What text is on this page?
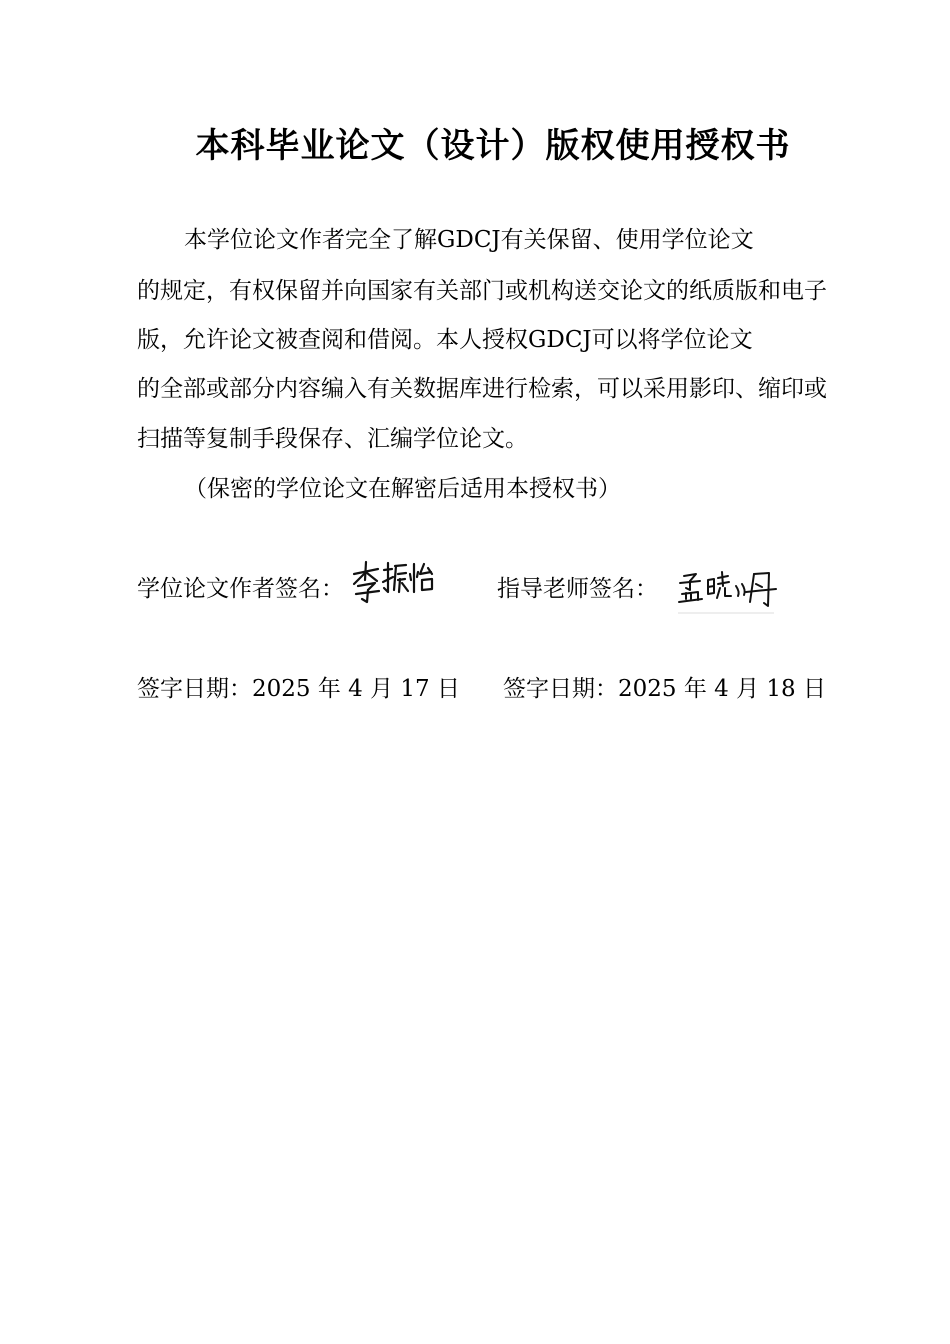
本科毕业论文（设计）版权使用授权书

本学位论文作者完全了解GDCJ有关保留、使用学位论文

的规定，有权保留并向国家有关部门或机构送交论文的纸质版和电子

版，允许论文被查阅和借阅。本人授权GDCJ可以将学位论文

的全部或部分内容编入有关数据库进行检索，可以采用影印、缩印或

扫描等复制手段保存、汇编学位论文。

（保密的学位论文在解密后适用本授权书）

学位论文作者签名：	指导老师签名：
签字日期：2025 年 4 月 17 日 签字日期：2025 年 4 月 18 日
